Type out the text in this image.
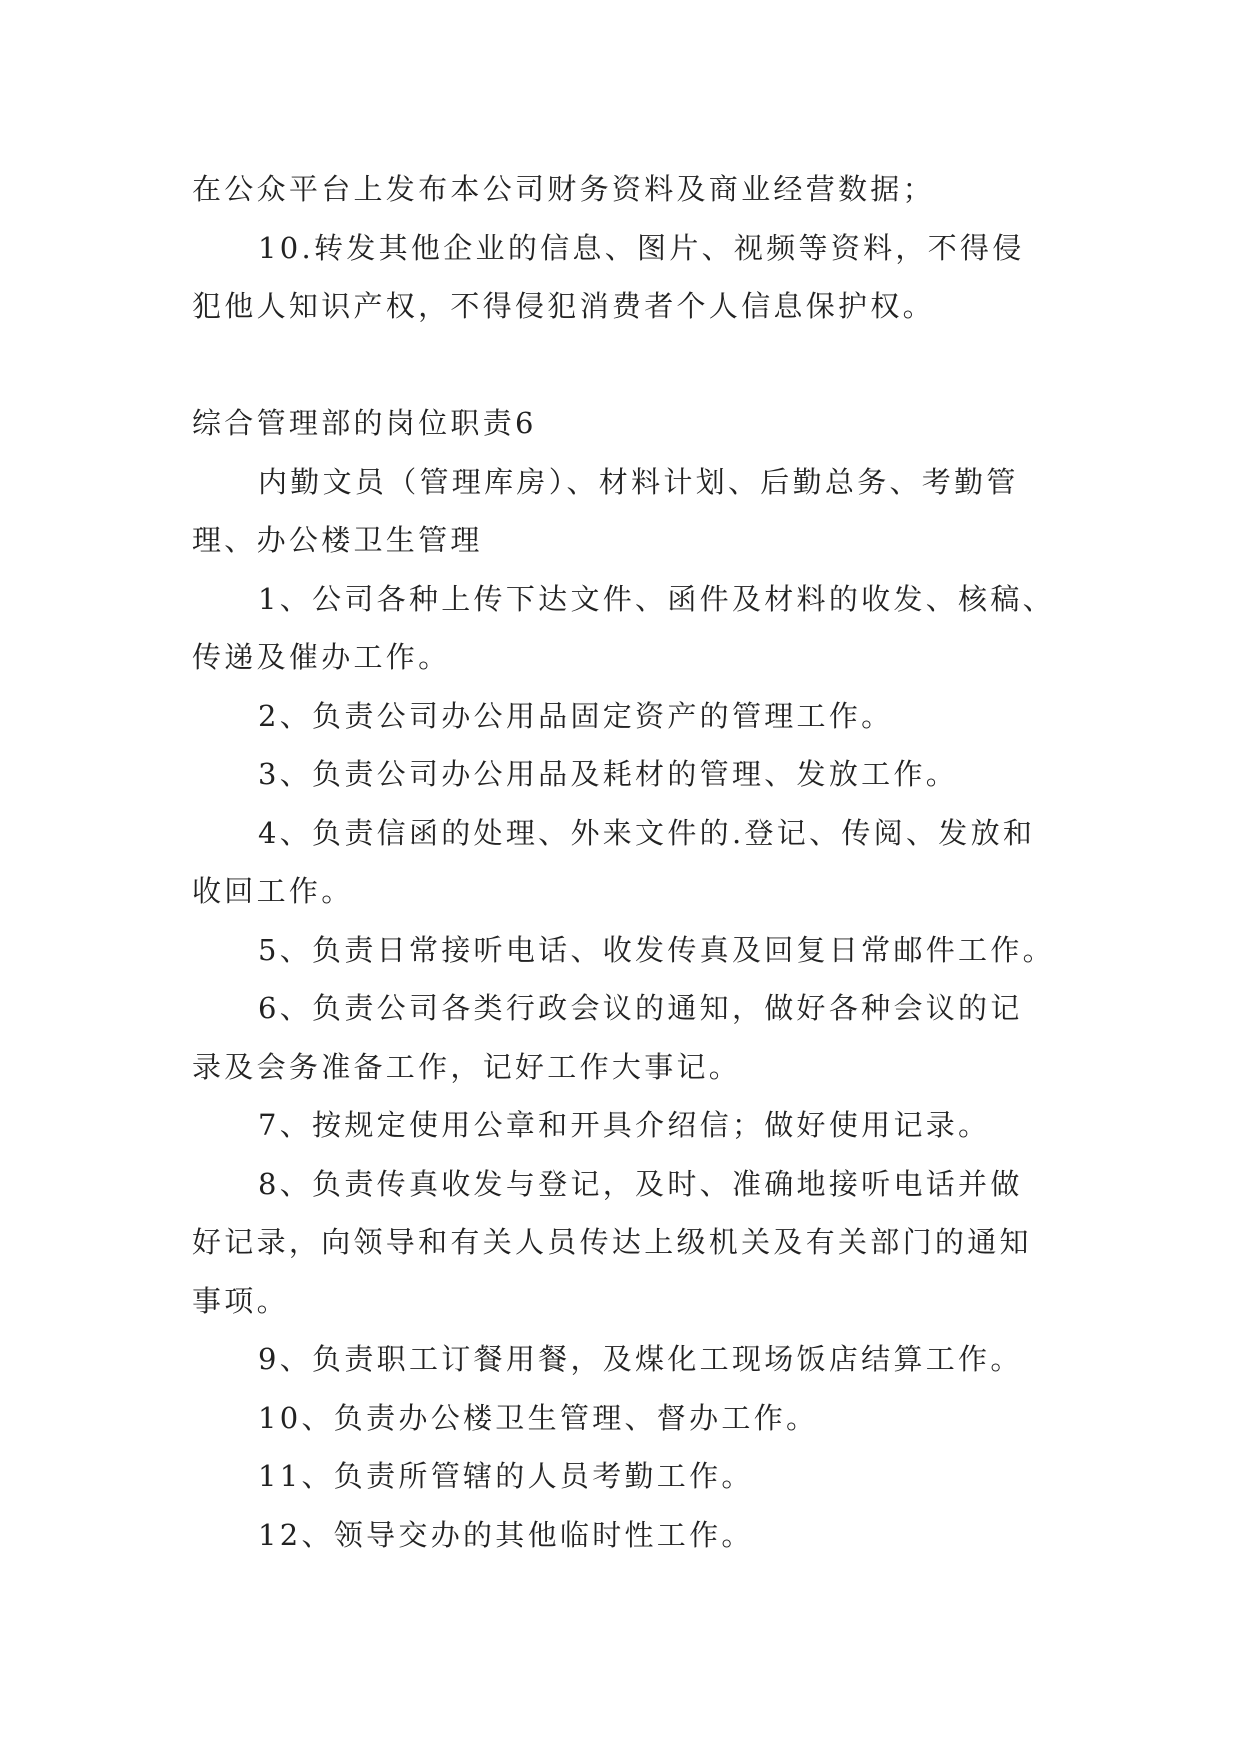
在公众平台上发布本公司财务资料及商业经营数据；

10.转发其他企业的信息、图片、视频等资料，不得侵

犯他人知识产权，不得侵犯消费者个人信息保护权。

综合管理部的岗位职责6

内勤文员（管理库房）、材料计划、后勤总务、考勤管

理、办公楼卫生管理

1、公司各种上传下达文件、函件及材料的收发、核稿、

传递及催办工作。

2、负责公司办公用品固定资产的管理工作。

3、负责公司办公用品及耗材的管理、发放工作。

4、负责信函的处理、外来文件的.登记、传阅、发放和

收回工作。

5、负责日常接听电话、收发传真及回复日常邮件工作。

6、负责公司各类行政会议的通知，做好各种会议的记

录及会务准备工作，记好工作大事记。

7、按规定使用公章和开具介绍信；做好使用记录。

8、负责传真收发与登记，及时、准确地接听电话并做

好记录，向领导和有关人员传达上级机关及有关部门的通知

事项。

9、负责职工订餐用餐，及煤化工现场饭店结算工作。

10、负责办公楼卫生管理、督办工作。

11、负责所管辖的人员考勤工作。

12、领导交办的其他临时性工作。
